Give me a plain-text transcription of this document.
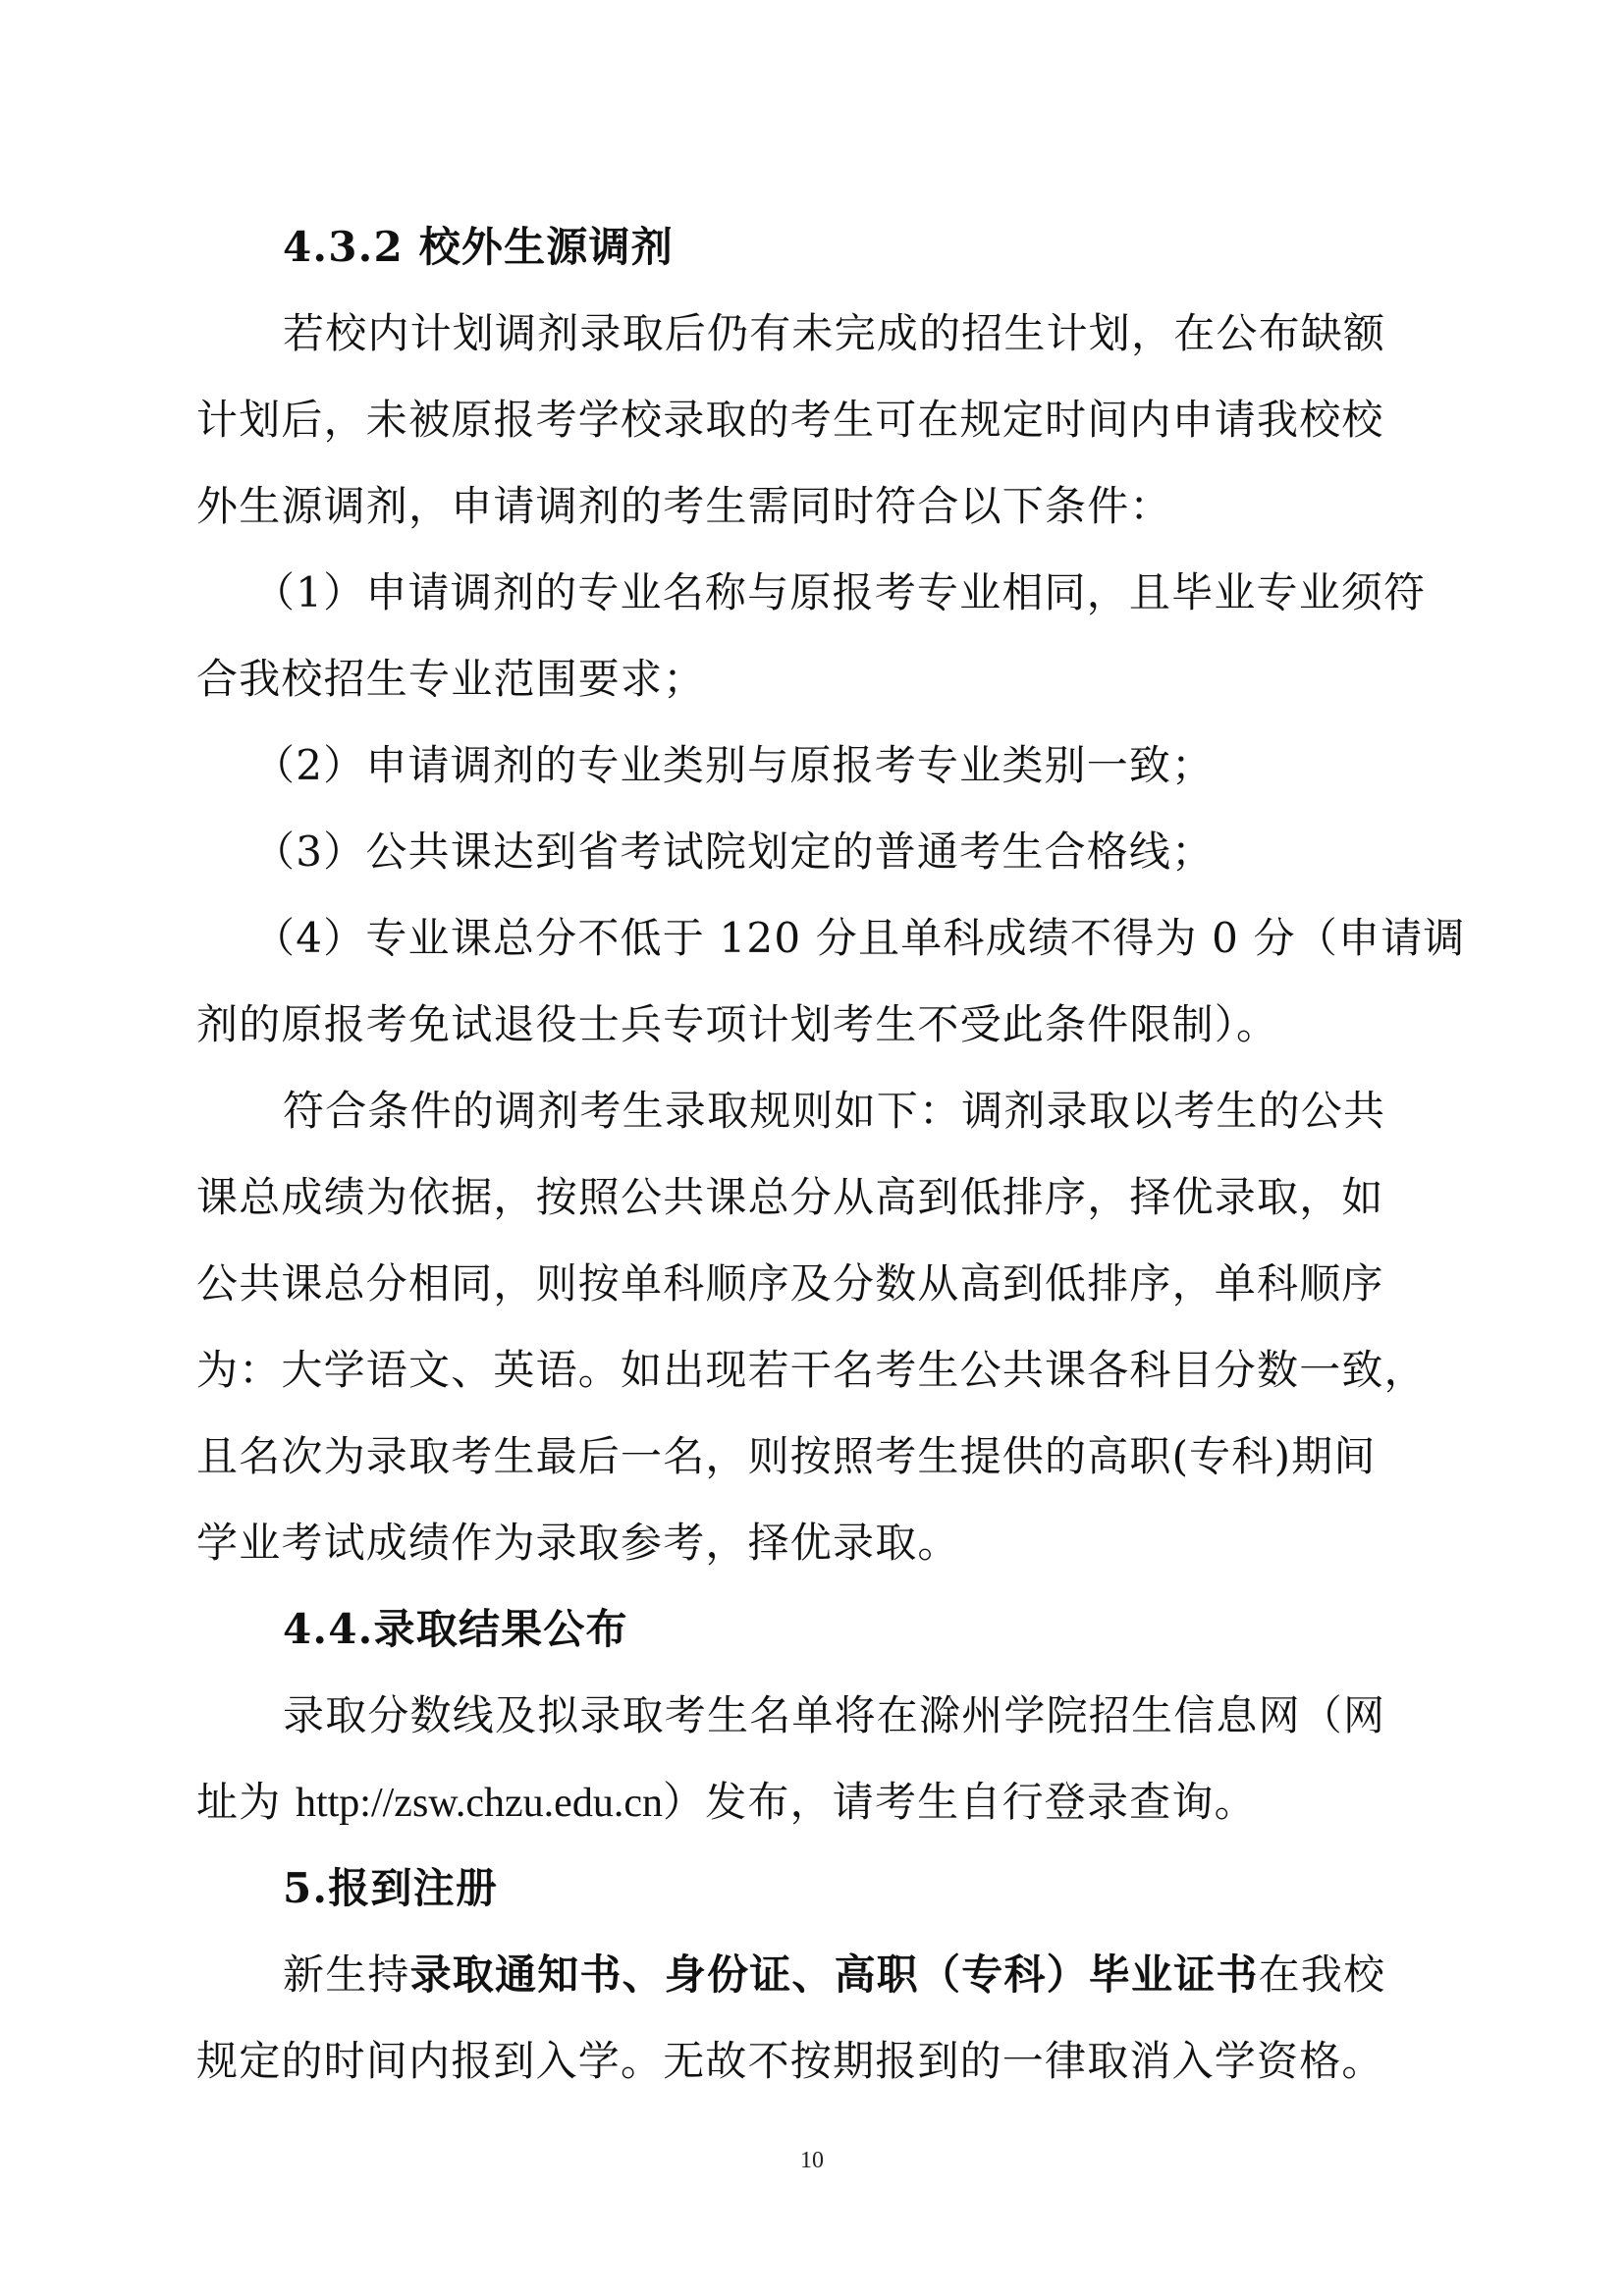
4.3.2 校外生源调剂
若校内计划调剂录取后仍有未完成的招生计划，在公布缺额
计划后，未被原报考学校录取的考生可在规定时间内申请我校校
外生源调剂，申请调剂的考生需同时符合以下条件：
（1）申请调剂的专业名称与原报考专业相同，且毕业专业须符
合我校招生专业范围要求；
（2）申请调剂的专业类别与原报考专业类别一致；
（3）公共课达到省考试院划定的普通考生合格线；
（4）专业课总分不低于 120 分且单科成绩不得为 0 分（申请调
剂的原报考免试退役士兵专项计划考生不受此条件限制）。
符合条件的调剂考生录取规则如下：调剂录取以考生的公共
课总成绩为依据，按照公共课总分从高到低排序，择优录取，如
公共课总分相同，则按单科顺序及分数从高到低排序，单科顺序
为：大学语文、英语。如出现若干名考生公共课各科目分数一致，
且名次为录取考生最后一名，则按照考生提供的高职(专科)期间
学业考试成绩作为录取参考，择优录取。
4.4.录取结果公布
录取分数线及拟录取考生名单将在滁州学院招生信息网（网
址为 http://zsw.chzu.edu.cn）发布，请考生自行登录查询。
5.报到注册
新生持录取通知书、身份证、高职（专科）毕业证书在我校
规定的时间内报到入学。无故不按期报到的一律取消入学资格。
10
